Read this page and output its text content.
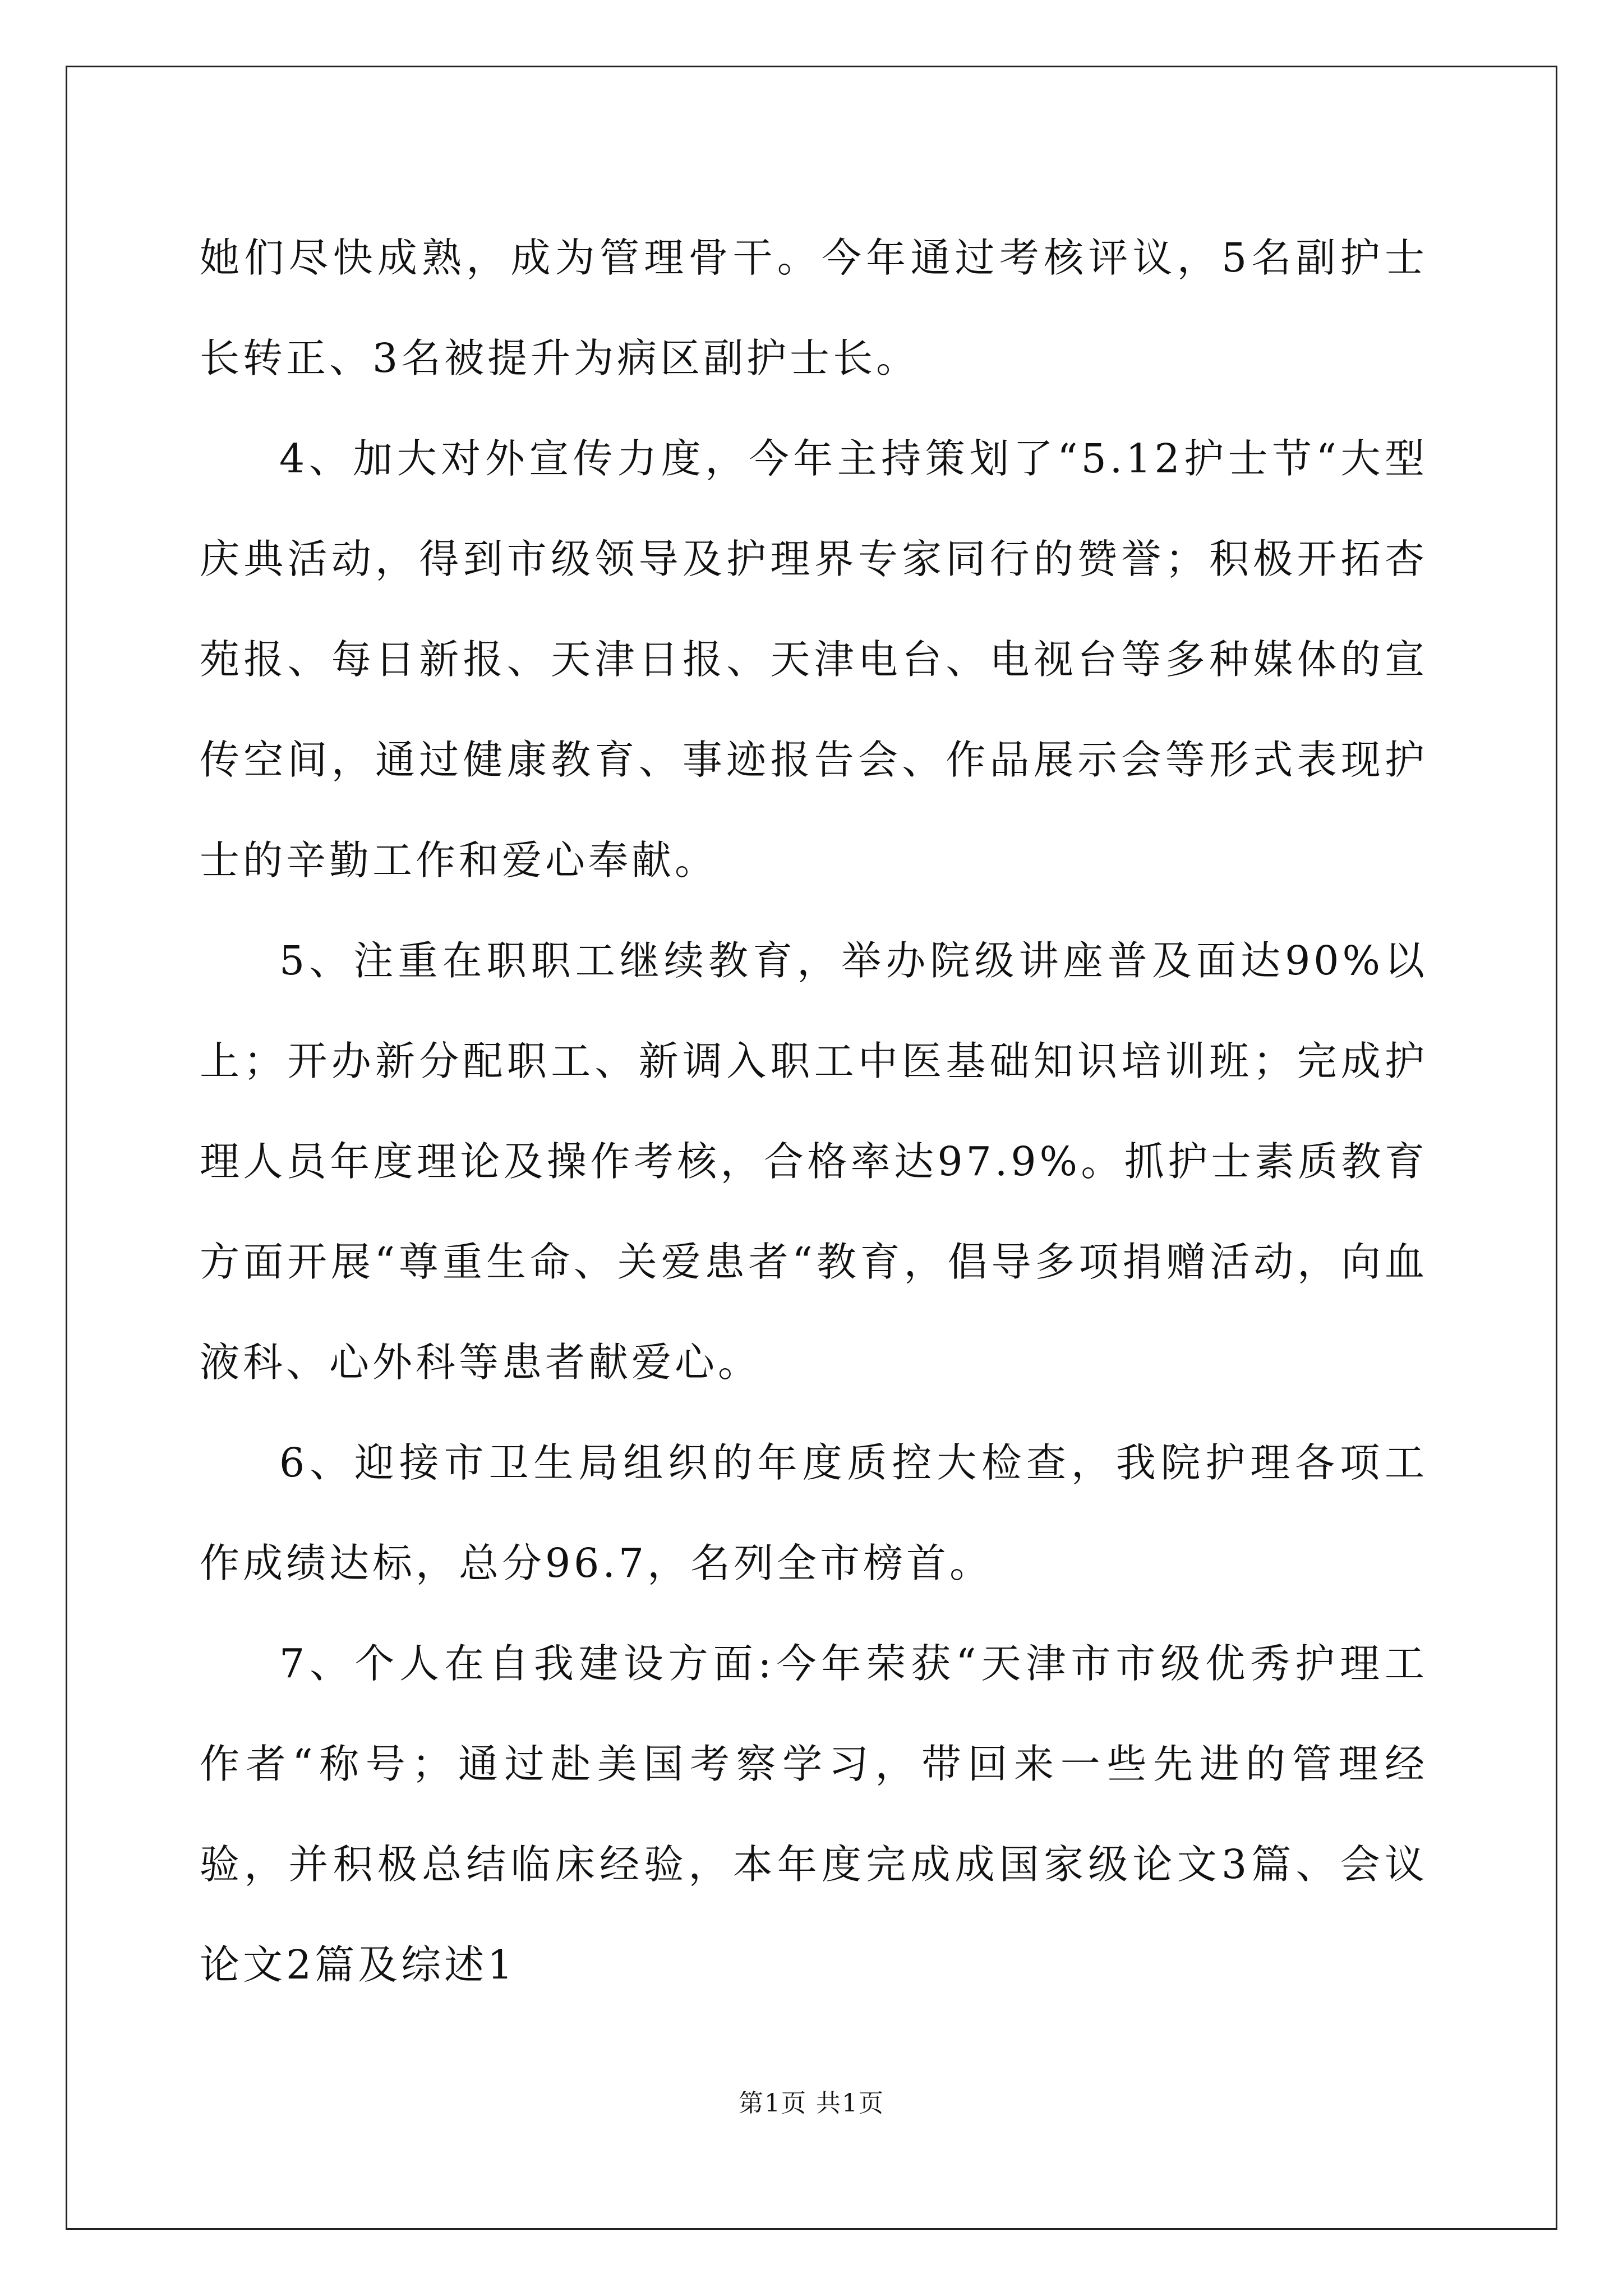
她们尽快成熟，成为管理骨干。今年通过考核评议，5名副护士长转正、3名被提升为病区副护士长。

4、加大对外宣传力度，今年主持策划了“5.12护士节“大型庆典活动，得到市级领导及护理界专家同行的赞誉；积极开拓杏苑报、每日新报、天津日报、天津电台、电视台等多种媒体的宣传空间，通过健康教育、事迹报告会、作品展示会等形式表现护士的辛勤工作和爱心奉献。

5、注重在职职工继续教育，举办院级讲座普及面达90%以上；开办新分配职工、新调入职工中医基础知识培训班；完成护理人员年度理论及操作考核，合格率达97.9%。抓护士素质教育方面开展“尊重生命、关爱患者“教育，倡导多项捐赠活动，向血液科、心外科等患者献爱心。

6、迎接市卫生局组织的年度质控大检查，我院护理各项工作成绩达标，总分96.7，名列全市榜首。

7、个人在自我建设方面:今年荣获“天津市市级优秀护理工作者“称号；通过赴美国考察学习，带回来一些先进的管理经验，并积极总结临床经验，本年度完成成国家级论文3篇、会议论文2篇及综述1

第1页 共1页
